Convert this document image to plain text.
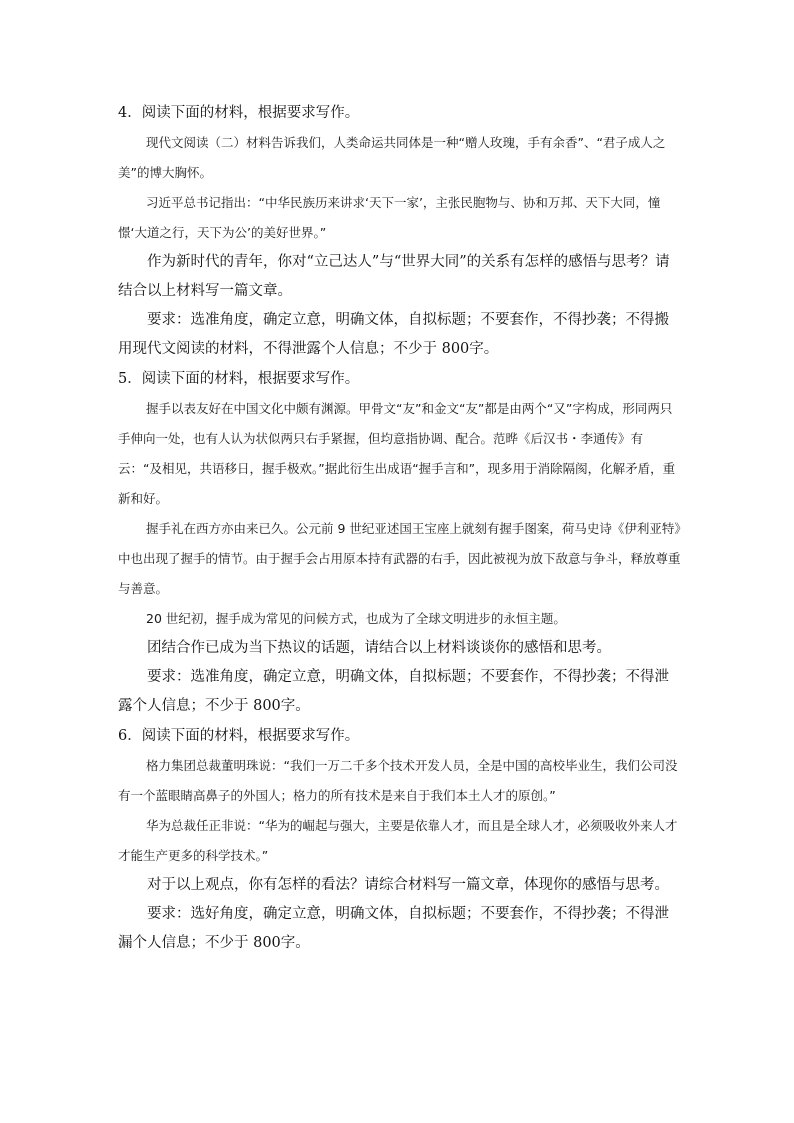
4．阅读下面的材料，根据要求写作。

现代文阅读（二）材料告诉我们，人类命运共同体是一种“赠人玫瑰，手有余香”、“君子成人之美”的博大胸怀。

习近平总书记指出：“中华民族历来讲求‘天下一家’，主张民胞物与、协和万邦、天下大同，憧憬‘大道之行，天下为公’的美好世界。”

作为新时代的青年，你对“立己达人”与“世界大同”的关系有怎样的感悟与思考？请结合以上材料写一篇文章。

要求：选准角度，确定立意，明确文体，自拟标题；不要套作，不得抄袭；不得搬用现代文阅读的材料，不得泄露个人信息；不少于 800字。

5．阅读下面的材料，根据要求写作。

握手以表友好在中国文化中颇有渊源。甲骨文“友”和金文“友”都是由两个“又”字构成，形同两只手伸向一处，也有人认为状似两只右手紧握，但均意指协调、配合。范晔《后汉书・李通传》有云：“及相见，共语移日，握手极欢。”据此衍生出成语“握手言和”，现多用于消除隔阂，化解矛盾，重新和好。

握手礼在西方亦由来已久。公元前 9 世纪亚述国王宝座上就刻有握手图案，荷马史诗《伊利亚特》中也出现了握手的情节。由于握手会占用原本持有武器的右手，因此被视为放下敌意与争斗，释放尊重与善意。

20 世纪初，握手成为常见的问候方式，也成为了全球文明进步的永恒主题。

团结合作已成为当下热议的话题，请结合以上材料谈谈你的感悟和思考。

要求：选准角度，确定立意，明确文体，自拟标题；不要套作，不得抄袭；不得泄露个人信息；不少于 800字。

6．阅读下面的材料，根据要求写作。

格力集团总裁董明珠说：“我们一万二千多个技术开发人员，全是中国的高校毕业生，我们公司没有一个蓝眼睛高鼻子的外国人；格力的所有技术是来自于我们本土人才的原创。”

华为总裁任正非说：“华为的崛起与强大，主要是依靠人才，而且是全球人才，必须吸收外来人才才能生产更多的科学技术。”

对于以上观点，你有怎样的看法？请综合材料写一篇文章，体现你的感悟与思考。

要求：选好角度，确定立意，明确文体，自拟标题；不要套作，不得抄袭；不得泄漏个人信息；不少于 800字。
